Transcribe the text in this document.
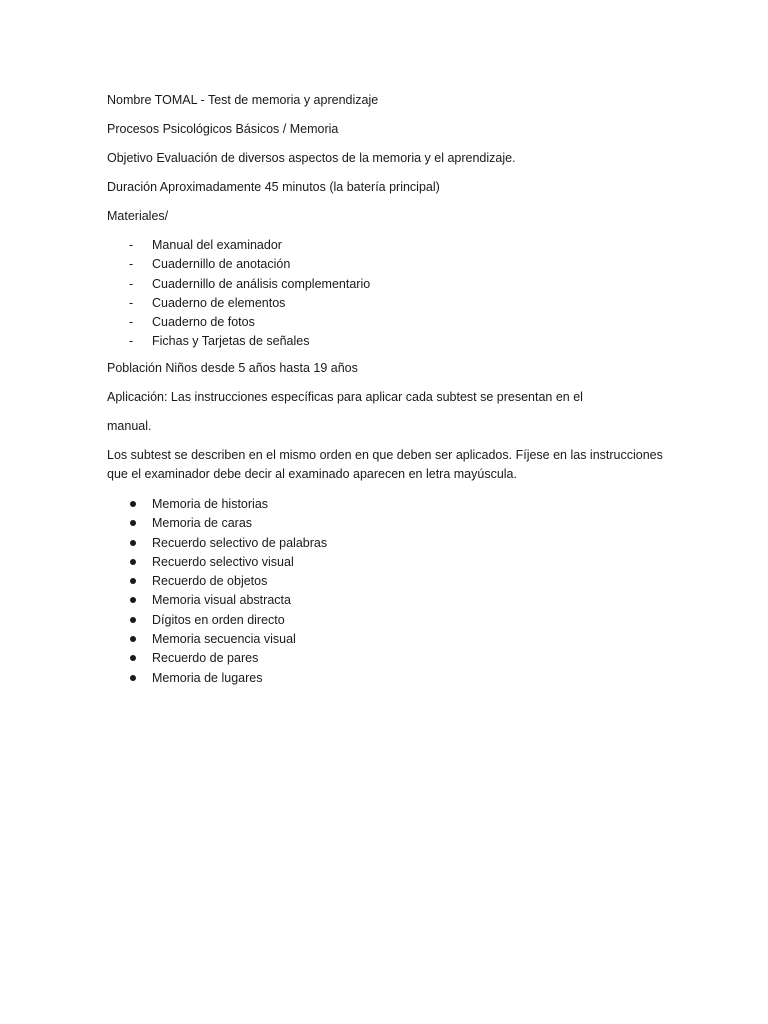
Nombre TOMAL - Test de memoria y aprendizaje

Procesos Psicológicos Básicos / Memoria

Objetivo Evaluación de diversos aspectos de la memoria y el aprendizaje.

Duración Aproximadamente 45 minutos (la batería principal)

Materiales/

-	Manual del examinador
-	Cuadernillo de anotación
-	Cuadernillo de análisis complementario
-	Cuaderno de elementos
-	Cuaderno de fotos
-	Fichas y Tarjetas de señales

Población Niños desde 5 años hasta 19 años

Aplicación: Las instrucciones específicas para aplicar cada subtest se presentan en el

manual.

Los subtest se describen en el mismo orden en que deben ser aplicados. Fíjese en las instrucciones que el examinador debe decir al examinado aparecen en letra mayúscula.

Memoria de historias
Memoria de caras
Recuerdo selectivo de palabras
Recuerdo selectivo visual
Recuerdo de objetos
Memoria visual abstracta
Dígitos en orden directo
Memoria secuencia visual
Recuerdo de pares
Memoria de lugares
